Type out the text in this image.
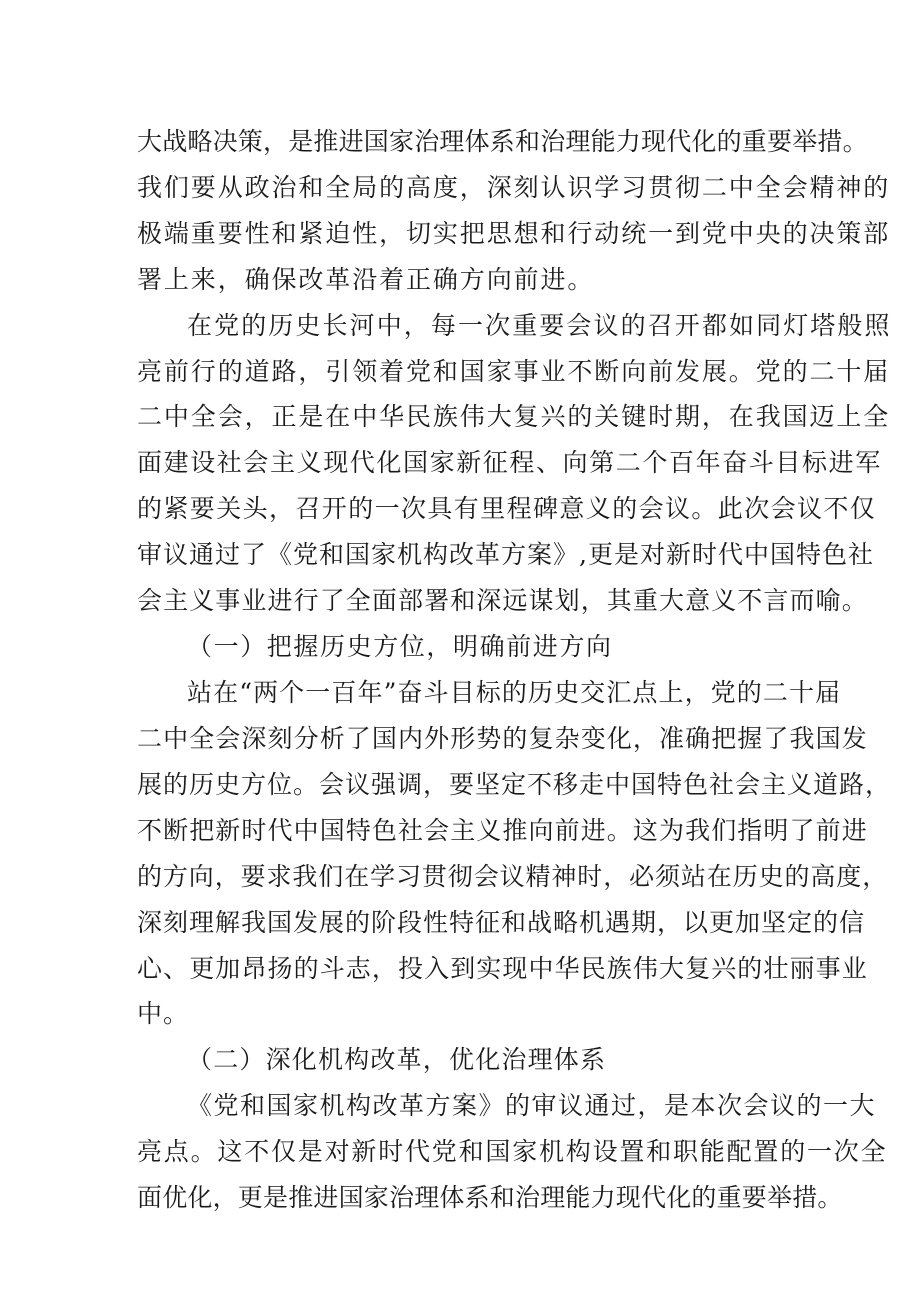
大战略决策，是推进国家治理体系和治理能力现代化的重要举措。
我们要从政治和全局的高度，深刻认识学习贯彻二中全会精神的
极端重要性和紧迫性，切实把思想和行动统一到党中央的决策部
署上来，确保改革沿着正确方向前进。
在党的历史长河中，每一次重要会议的召开都如同灯塔般照
亮前行的道路，引领着党和国家事业不断向前发展。党的二十届
二中全会，正是在中华民族伟大复兴的关键时期，在我国迈上全
面建设社会主义现代化国家新征程、向第二个百年奋斗目标进军
的紧要关头，召开的一次具有里程碑意义的会议。此次会议不仅
审议通过了《党和国家机构改革方案》,更是对新时代中国特色社
会主义事业进行了全面部署和深远谋划，其重大意义不言而喻。
（一）把握历史方位，明确前进方向
站在“两个一百年”奋斗目标的历史交汇点上，党的二十届
二中全会深刻分析了国内外形势的复杂变化，准确把握了我国发
展的历史方位。会议强调，要坚定不移走中国特色社会主义道路，
不断把新时代中国特色社会主义推向前进。这为我们指明了前进
的方向，要求我们在学习贯彻会议精神时，必须站在历史的高度，
深刻理解我国发展的阶段性特征和战略机遇期，以更加坚定的信
心、更加昂扬的斗志，投入到实现中华民族伟大复兴的壮丽事业
中。
（二）深化机构改革，优化治理体系
《党和国家机构改革方案》的审议通过，是本次会议的一大
亮点。这不仅是对新时代党和国家机构设置和职能配置的一次全
面优化，更是推进国家治理体系和治理能力现代化的重要举措。
